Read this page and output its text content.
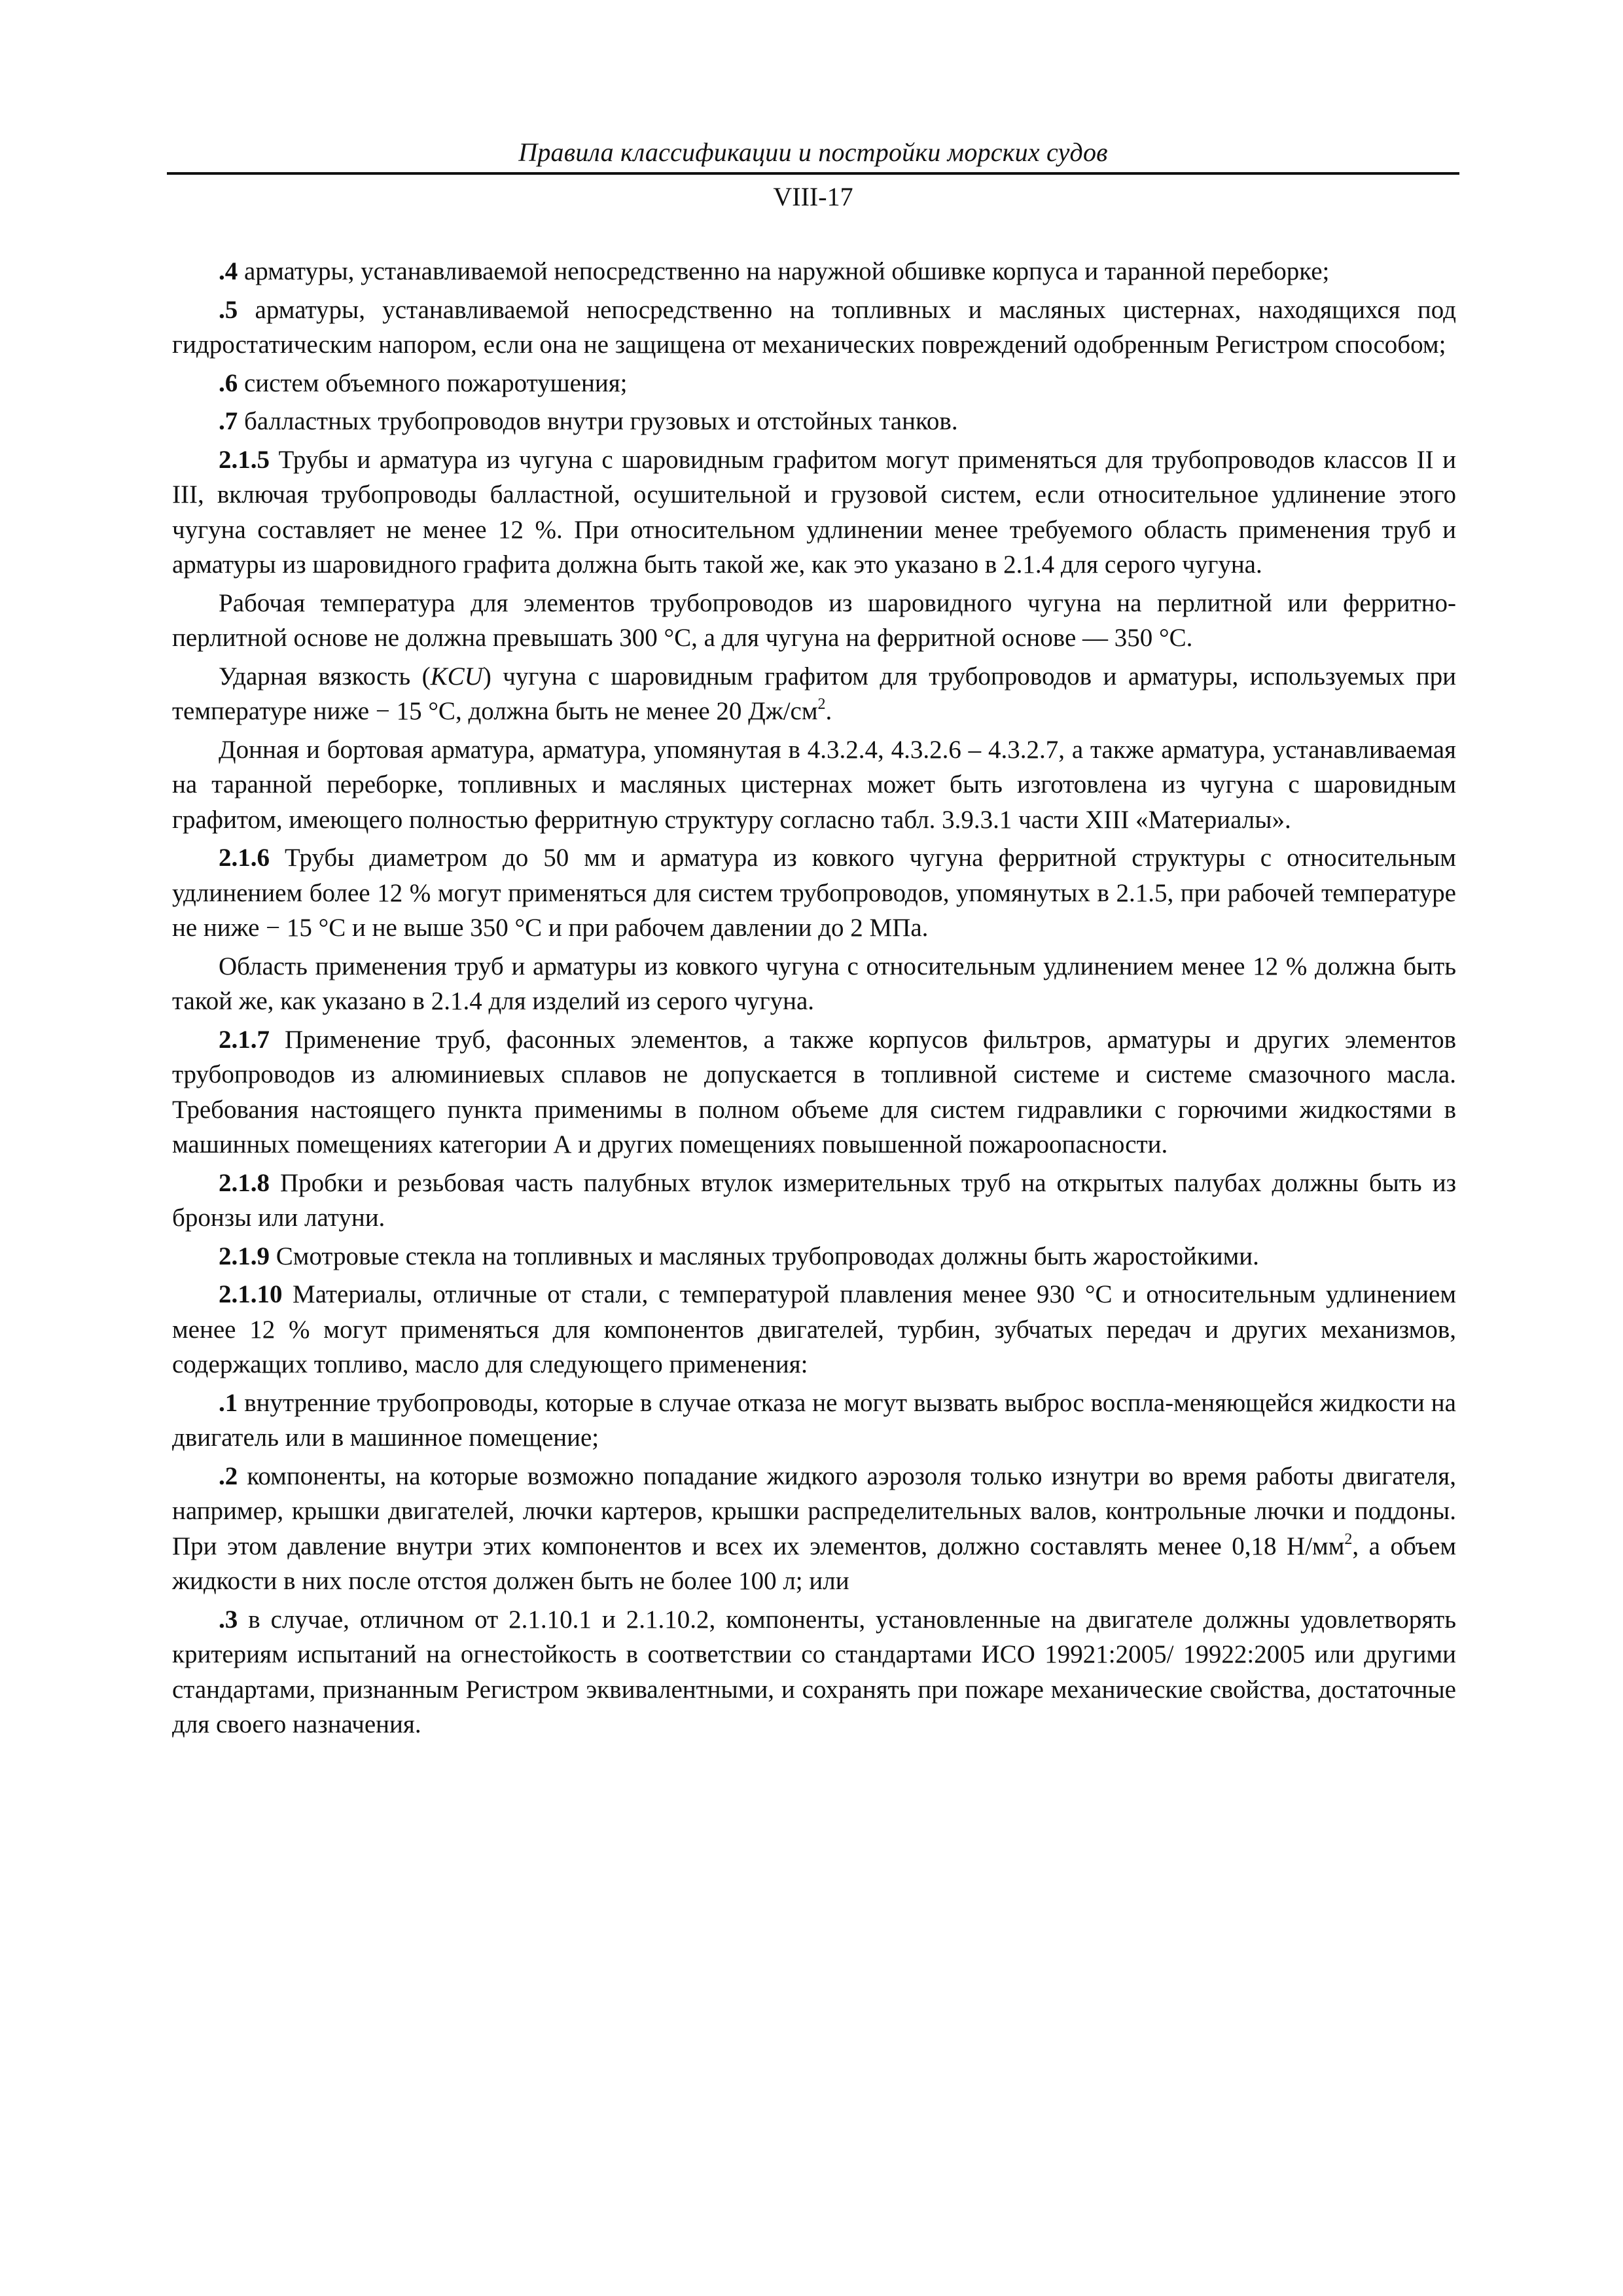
Правила классификации и постройки морских судов
VIII-17

.4 арматуры, устанавливаемой непосредственно на наружной обшивке корпуса и таранной переборке;

.5 арматуры, устанавливаемой непосредственно на топливных и масляных цистернах, находящихся под гидростатическим напором, если она не защищена от механических повреждений одобренным Регистром способом;

.6 систем объемного пожаротушения;

.7 балластных трубопроводов внутри грузовых и отстойных танков.

2.1.5 Трубы и арматура из чугуна с шаровидным графитом могут применяться для трубопроводов классов II и III, включая трубопроводы балластной, осушительной и грузовой систем, если относительное удлинение этого чугуна составляет не менее 12 %. При относительном удлинении менее требуемого область применения труб и арматуры из шаровидного графита должна быть такой же, как это указано в 2.1.4 для серого чугуна.

Рабочая температура для элементов трубопроводов из шаровидного чугуна на перлитной или ферритно-перлитной основе не должна превышать 300 °С, а для чугуна на ферритной основе — 350 °С.

Ударная вязкость (KCU) чугуна с шаровидным графитом для трубопроводов и арматуры, используемых при температуре ниже − 15 °С, должна быть не менее 20 $Дж/см^2$.

Донная и бортовая арматура, арматура, упомянутая в 4.3.2.4, 4.3.2.6 – 4.3.2.7, а также арматура, устанавливаемая на таранной переборке, топливных и масляных цистернах может быть изготовлена из чугуна с шаровидным графитом, имеющего полностью ферритную структуру согласно табл. 3.9.3.1 части XIII «Материалы».

2.1.6 Трубы диаметром до 50 мм и арматура из ковкого чугуна ферритной структуры с относительным удлинением более 12 % могут применяться для систем трубопроводов, упомянутых в 2.1.5, при рабочей температуре не ниже − 15 °С и не выше 350 °С и при рабочем давлении до 2 МПа.

Область применения труб и арматуры из ковкого чугуна с относительным удлинением менее 12 % должна быть такой же, как указано в 2.1.4 для изделий из серого чугуна.

2.1.7 Применение труб, фасонных элементов, а также корпусов фильтров, арматуры и других элементов трубопроводов из алюминиевых сплавов не допускается в топливной системе и системе смазочного масла. Требования настоящего пункта применимы в полном объеме для систем гидравлики с горючими жидкостями в машинных помещениях категории А и других помещениях повышенной пожароопасности.

2.1.8 Пробки и резьбовая часть палубных втулок измерительных труб на открытых палубах должны быть из бронзы или латуни.

2.1.9 Смотровые стекла на топливных и масляных трубопроводах должны быть жаростойкими.

2.1.10 Материалы, отличные от стали, с температурой плавления менее 930 °С и относительным удлинением менее 12 % могут применяться для компонентов двигателей, турбин, зубчатых передач и других механизмов, содержащих топливо, масло для следующего применения:

.1 внутренние трубопроводы, которые в случае отказа не могут вызвать выброс воспла-меняющейся жидкости на двигатель или в машинное помещение;

.2 компоненты, на которые возможно попадание жидкого аэрозоля только изнутри во время работы двигателя, например, крышки двигателей, лючки картеров, крышки распределительных валов, контрольные лючки и поддоны. При этом давление внутри этих компонентов и всех их элементов, должно составлять менее 0,18 $Н/мм^2$, а объем жидкости в них после отстоя должен быть не более 100 л; или

.3 в случае, отличном от 2.1.10.1 и 2.1.10.2, компоненты, установленные на двигателе должны удовлетворять критериям испытаний на огнестойкость в соответствии со стандартами ИСО 19921:2005/ 19922:2005 или другими стандартами, признанным Регистром эквивалентными, и сохранять при пожаре механические свойства, достаточные для своего назначения.
